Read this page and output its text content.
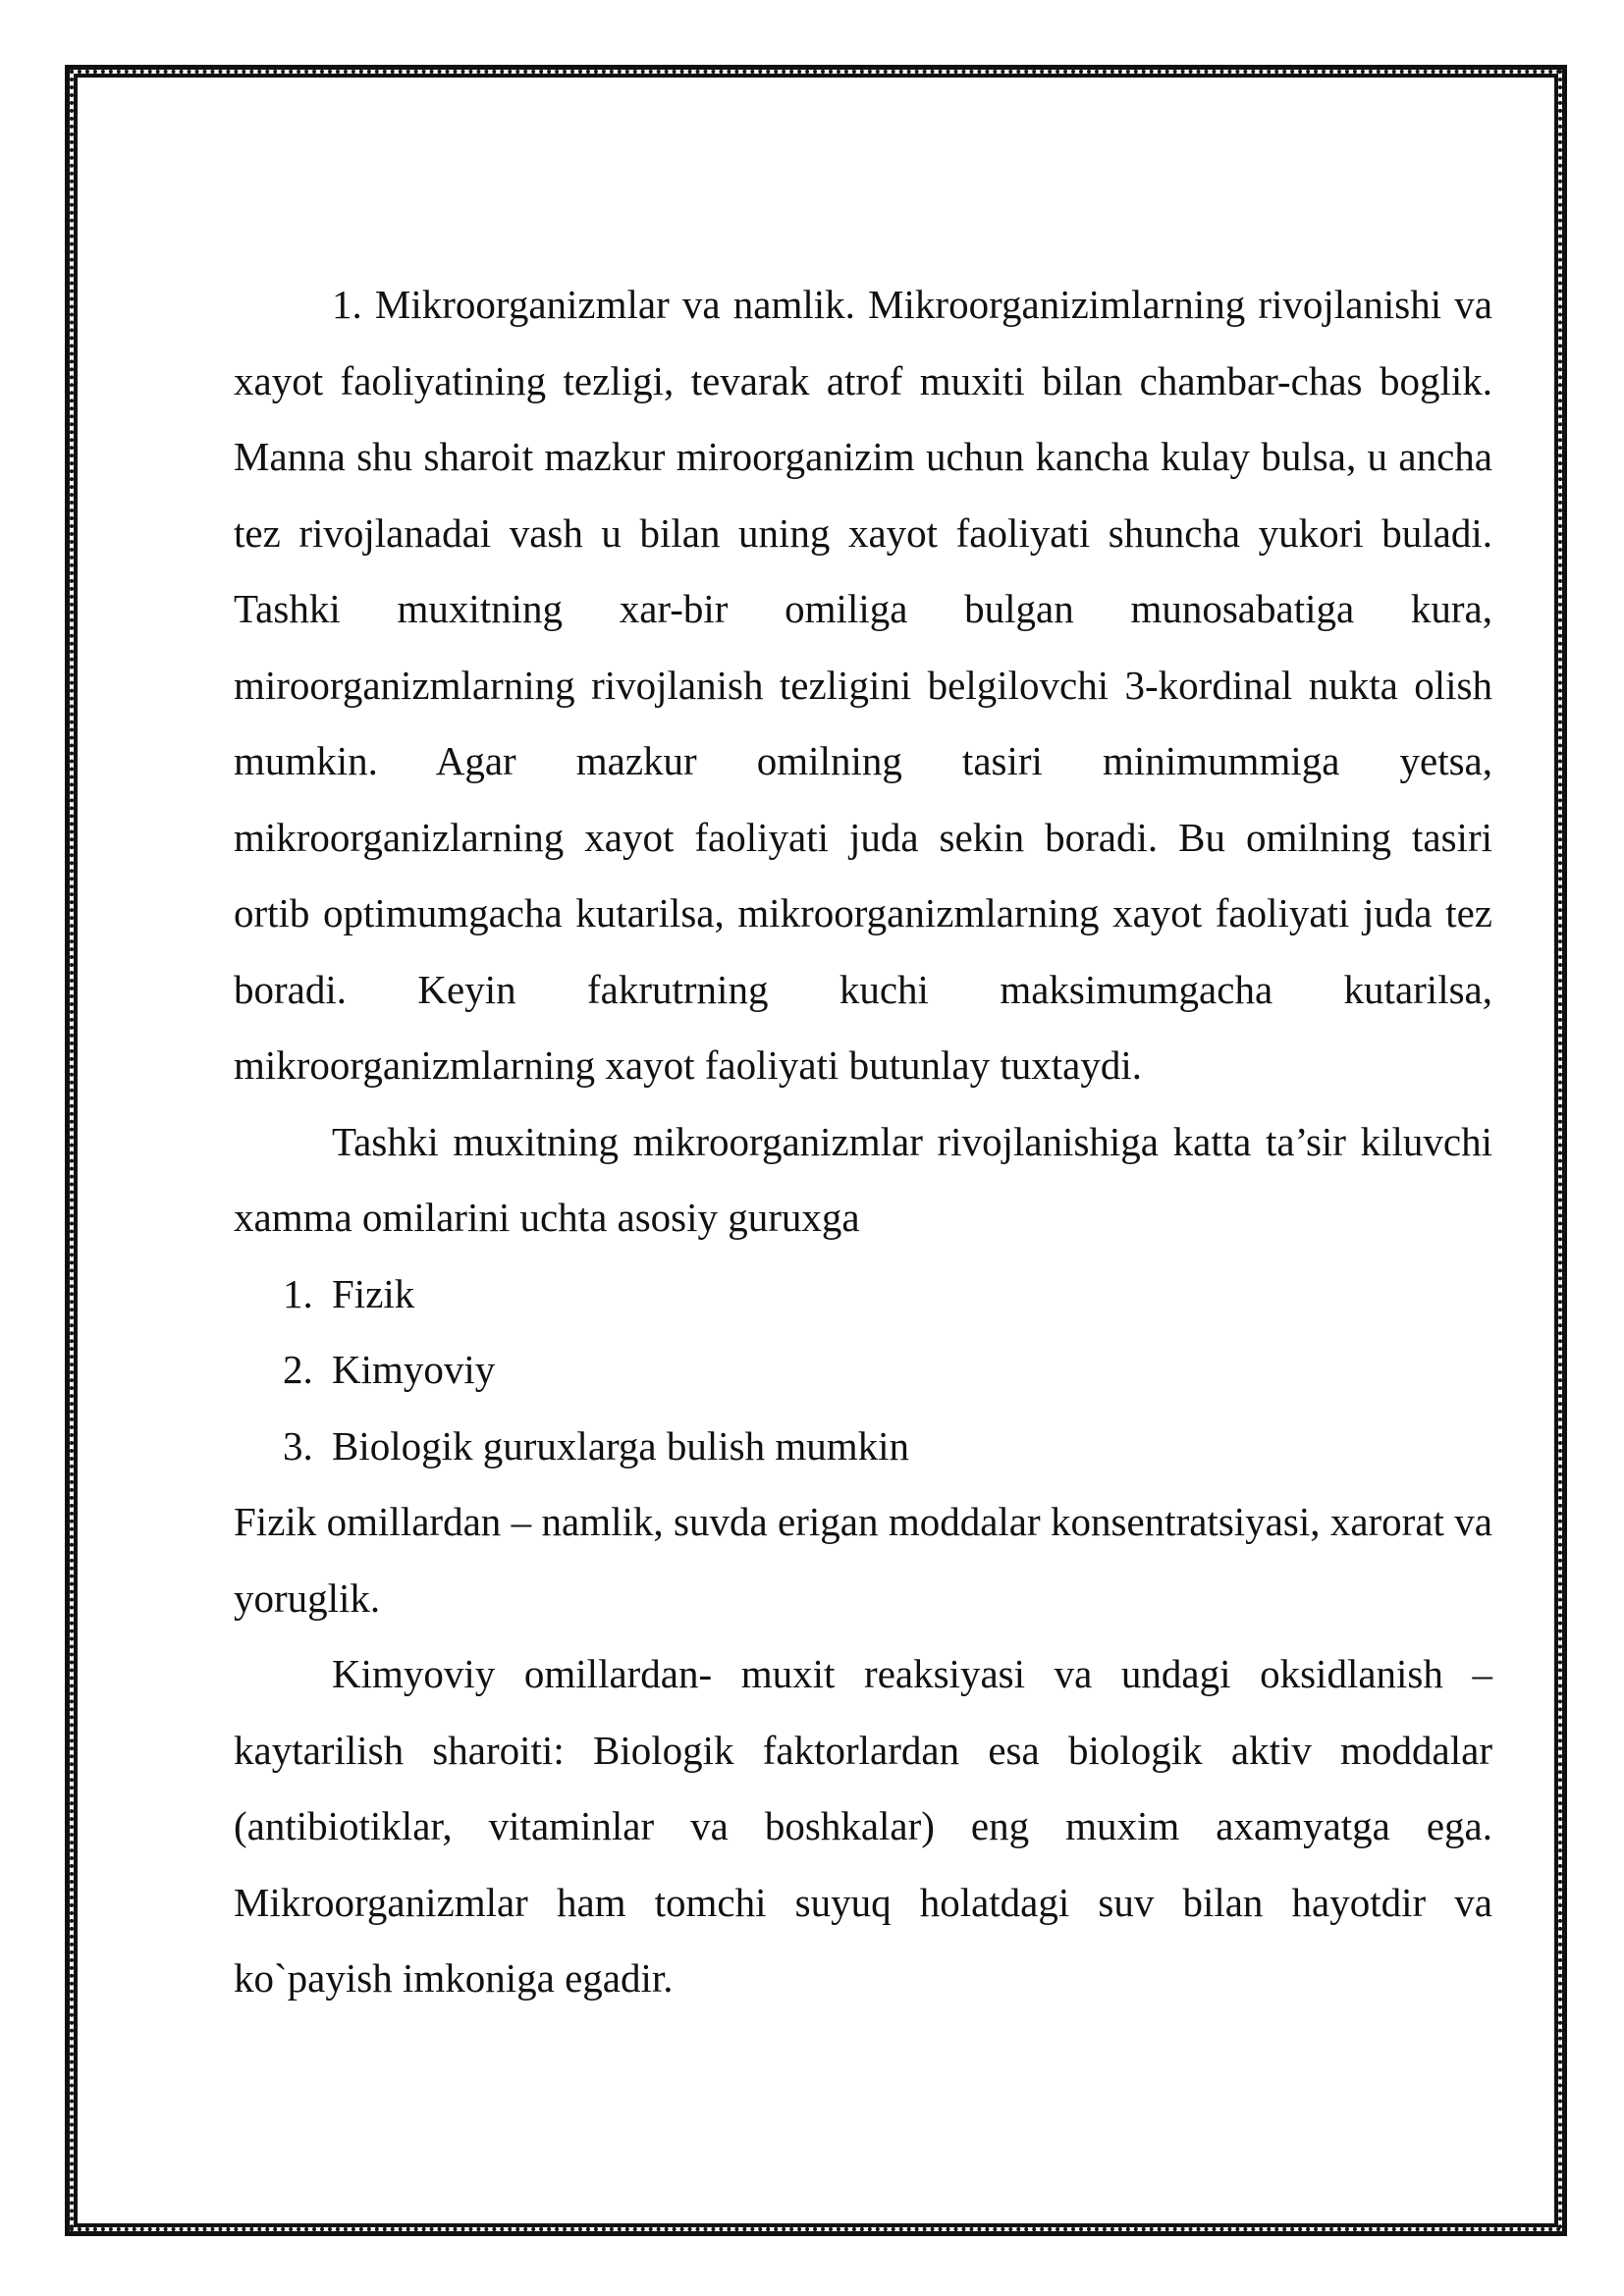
1. Mikroorganizmlar va namlik. Mikroorganizimlarning rivojlanishi va xayot faoliyatining tezligi, tevarak atrof muxiti bilan chambar-chas boglik. Manna shu sharoit mazkur miroorganizim uchun kancha kulay bulsa, u ancha tez rivojlanadai vash u bilan uning xayot faoliyati shuncha yukori buladi. Tashki muxitning xar-bir omiliga bulgan munosabatiga kura, miroorganizmlarning rivojlanish tezligini belgilovchi 3-kordinal nukta olish mumkin. Agar mazkur omilning tasiri minimummiga yetsa, mikroorganizlarning xayot faoliyati juda sekin boradi. Bu omilning tasiri ortib optimumgacha kutarilsa, mikroorganizmlarning xayot faoliyati juda tez boradi. Keyin fakrutrning kuchi maksimumgacha kutarilsa, mikroorganizmlarning xayot faoliyati butunlay tuxtaydi.

Tashki muxitning mikroorganizmlar rivojlanishiga katta ta’sir kiluvchi xamma omilarini uchta asosiy guruxga

1. Fizik
2. Kimyoviy
3. Biologik guruxlarga bulish mumkin

Fizik omillardan – namlik, suvda erigan moddalar konsentratsiyasi, xarorat va yoruglik.

Kimyoviy omillardan- muxit reaksiyasi va undagi oksidlanish – kaytarilish sharoiti: Biologik faktorlardan esa biologik aktiv moddalar (antibiotiklar, vitaminlar va boshkalar) eng muxim axamyatga ega. Mikroorganizmlar ham tomchi suyuq holatdagi suv bilan hayotdir va ko`payish imkoniga egadir.
